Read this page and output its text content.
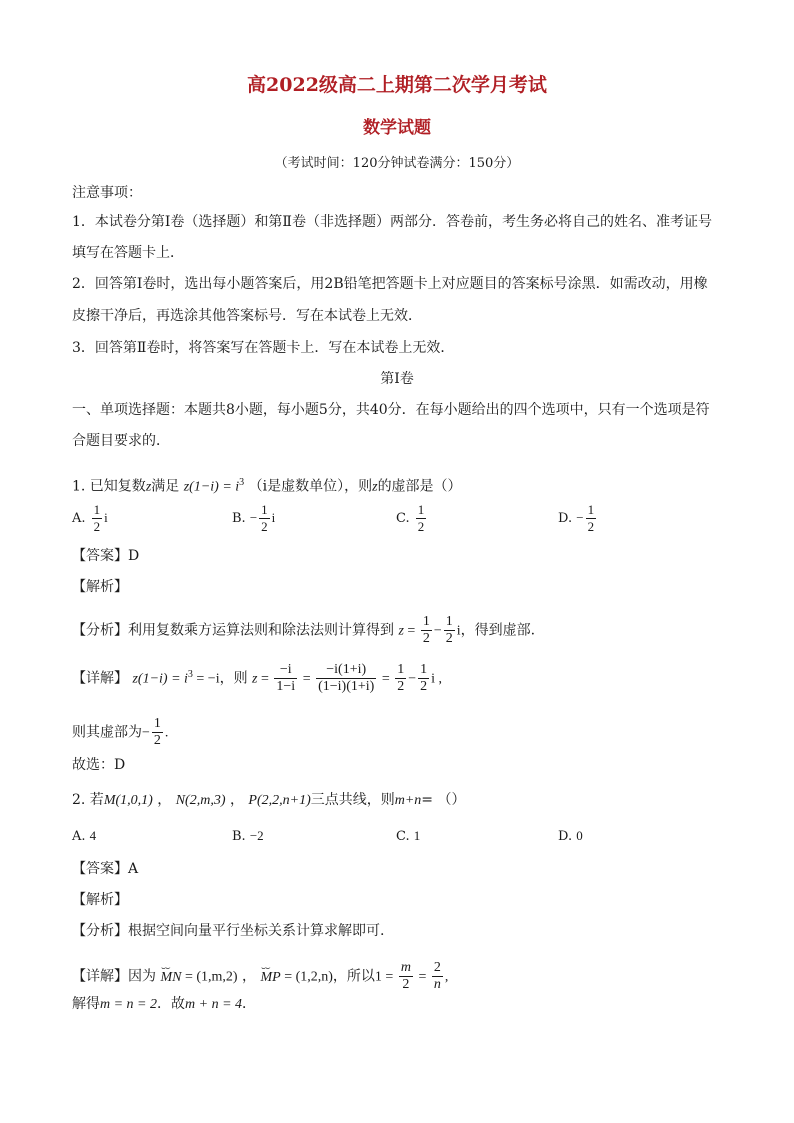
高2022级高二上期第二次学月考试
数学试题
（考试时间：120分钟试卷满分：150分）
注意事项：
1．本试卷分第Ⅰ卷（选择题）和第Ⅱ卷（非选择题）两部分．答卷前，考生务必将自己的姓名、准考证号
填写在答题卡上．
2．回答第Ⅰ卷时，选出每小题答案后，用2B铅笔把答题卡上对应题目的答案标号涂黑．如需改动，用橡
皮擦干净后，再选涂其他答案标号．写在本试卷上无效．
3．回答第Ⅱ卷时，将答案写在答题卡上．写在本试卷上无效．
第Ⅰ卷
一、单项选择题：本题共8小题，每小题5分，共40分．在每小题给出的四个选项中，只有一个选项是符
合题目要求的．
1. 已知复数z满足 $z(1-i) = i^3$ （i是虚数单位），则z的虚部是（）
A. $\frac{1}{2}$ i	B. − $\frac{1}{2}$ i	C. $\frac{1}{2}$	D. − $\frac{1}{2}$
【答案】D
【解析】
【分析】利用复数乘方运算法则和除法法则计算得到 $z = \frac{1}{2} - \frac{1}{2}$ i，得到虚部.
【详解】 $z(1-i) = i^3 = -i$，则 $z = \frac{-i}{1-i} = \frac{-i(1+i)}{(1-i)(1+i)} = \frac{1}{2} - \frac{1}{2}$ i ,
则其虚部为− $\frac{1}{2}$ .
故选：D
2. 若M(1,0,1) ， N(2,m,3) ， P(2,2,n+1)三点共线，则m+n= （）
A. 4	B. −2	C. 1	D. 0
【答案】A
【解析】
【分析】根据空间向量平行坐标关系计算求解即可.
【详解】因为 ⌣⌣ MN = (1,m,2) ， ⌣⌣ MP = (1,2,n)，所以$1 = \frac{m}{2} = \frac{2}{n}$ ,
解得m = n = 2．故m + n = 4．
